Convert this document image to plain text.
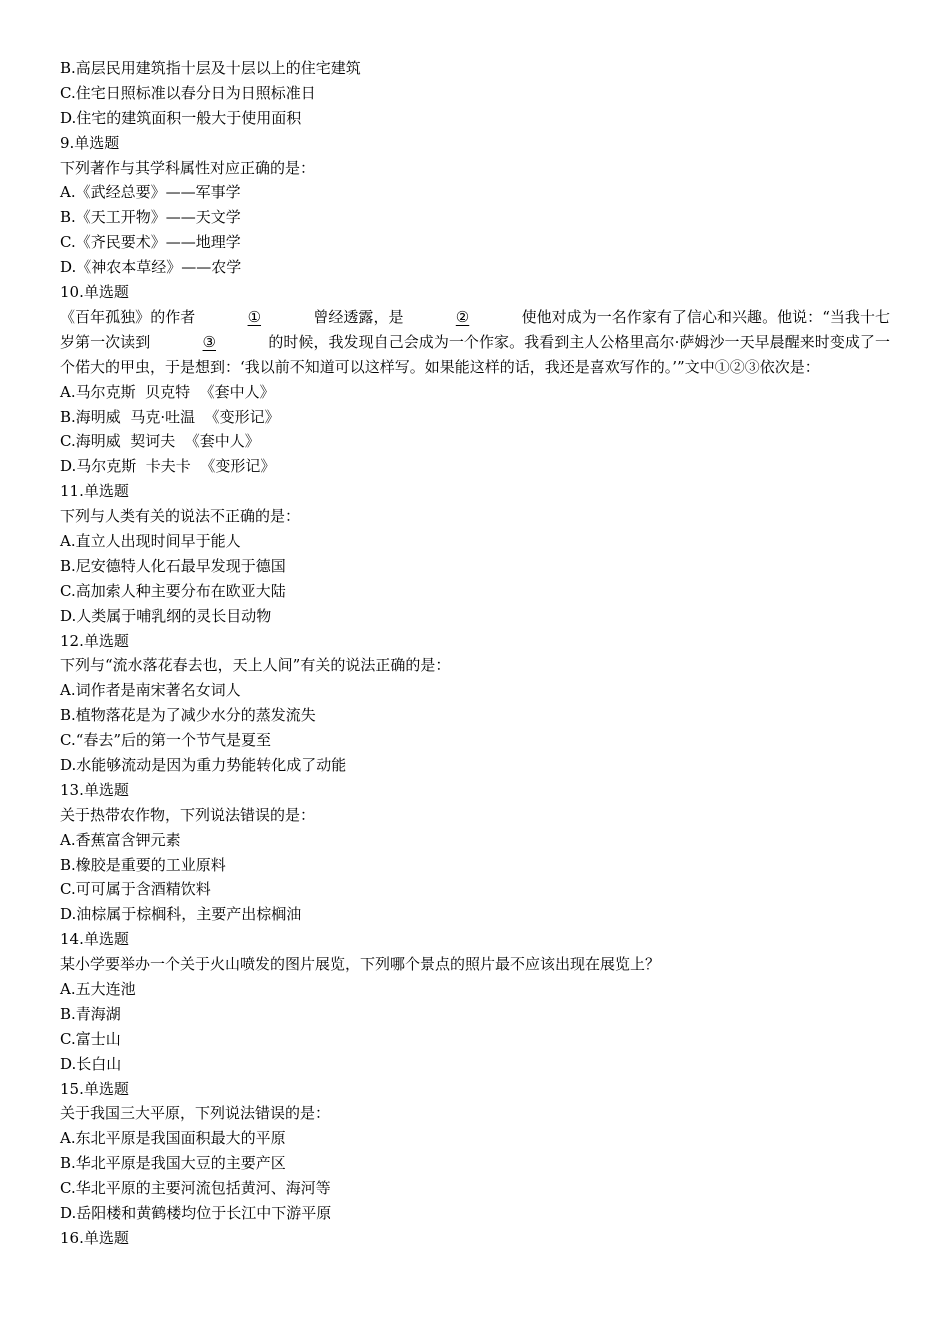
B.高层民用建筑指十层及十层以上的住宅建筑
C.住宅日照标准以春分日为日照标准日
D.住宅的建筑面积一般大于使用面积
9.单选题
下列著作与其学科属性对应正确的是：
A.《武经总要》——军事学
B.《天工开物》——天文学
C.《齐民要术》——地理学
D.《神农本草经》——农学
10.单选题
《百年孤独》的作者	①	曾经透露，是	②	使他对成为一名作家有了信心和兴趣。他说：“当我十七岁第一次读到	③	的时候，我发现自己会成为一个作家。我看到主人公格里高尔·萨姆沙一天早晨醒来时变成了一个偌大的甲虫，于是想到：‘我以前不知道可以这样写。如果能这样的话，我还是喜欢写作的。’”文中①②③依次是：
A.马尔克斯  贝克特  《套中人》
B.海明威  马克·吐温  《变形记》
C.海明威  契诃夫  《套中人》
D.马尔克斯  卡夫卡  《变形记》
11.单选题
下列与人类有关的说法不正确的是：
A.直立人出现时间早于能人
B.尼安德特人化石最早发现于德国
C.高加索人种主要分布在欧亚大陆
D.人类属于哺乳纲的灵长目动物
12.单选题
下列与“流水落花春去也，天上人间”有关的说法正确的是：
A.词作者是南宋著名女词人
B.植物落花是为了减少水分的蒸发流失
C.“春去”后的第一个节气是夏至
D.水能够流动是因为重力势能转化成了动能
13.单选题
关于热带农作物，下列说法错误的是：
A.香蕉富含钾元素
B.橡胶是重要的工业原料
C.可可属于含酒精饮料
D.油棕属于棕榈科，主要产出棕榈油
14.单选题
某小学要举办一个关于火山喷发的图片展览，下列哪个景点的照片最不应该出现在展览上？
A.五大连池
B.青海湖
C.富士山
D.长白山
15.单选题
关于我国三大平原，下列说法错误的是：
A.东北平原是我国面积最大的平原
B.华北平原是我国大豆的主要产区
C.华北平原的主要河流包括黄河、海河等
D.岳阳楼和黄鹤楼均位于长江中下游平原
16.单选题
